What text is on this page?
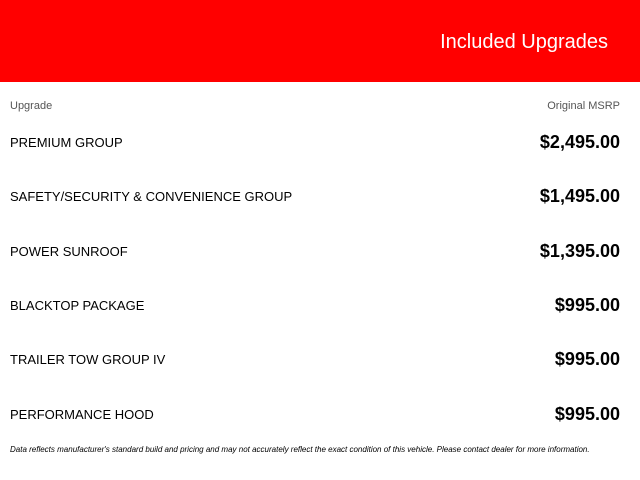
Included Upgrades
Upgrade	Original MSRP
PREMIUM GROUP	$2,495.00
SAFETY/SECURITY & CONVENIENCE GROUP	$1,495.00
POWER SUNROOF	$1,395.00
BLACKTOP PACKAGE	$995.00
TRAILER TOW GROUP IV	$995.00
PERFORMANCE HOOD	$995.00
Data reflects manufacturer's standard build and pricing and may not accurately reflect the exact condition of this vehicle. Please contact dealer for more information.
